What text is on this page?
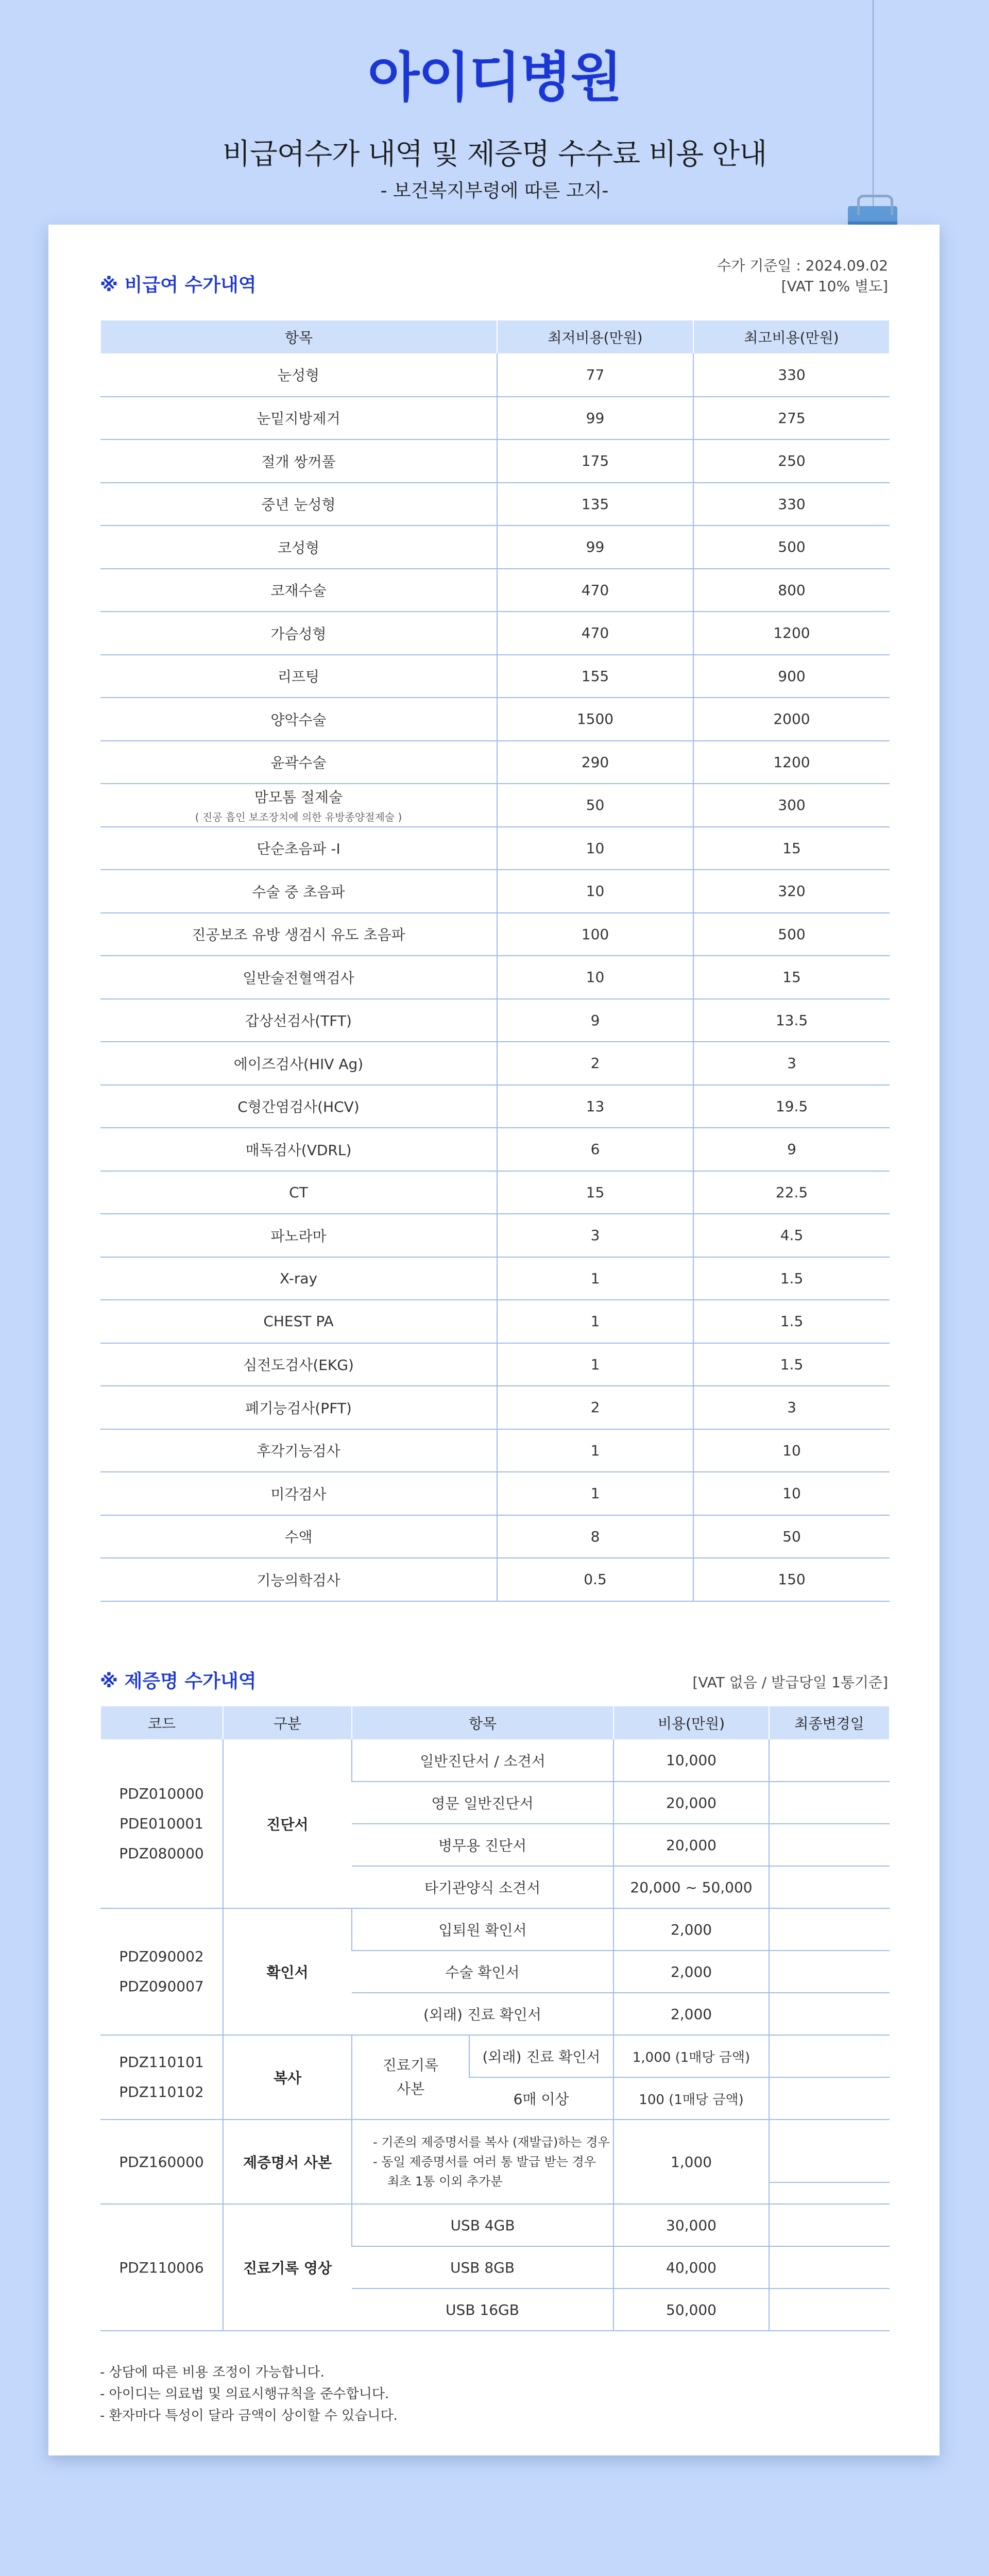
아이디병원
비급여수가 내역 및 제증명 수수료 비용 안내
- 보건복지부령에 따른 고지-
※ 비급여 수가내역
수가 기준일 : 2024.09.02
[VAT 10% 별도]
항목	최저비용(만원)	최고비용(만원)
눈성형	77	330
눈밑지방제거	99	275
절개 쌍꺼풀	175	250
중년 눈성형	135	330
코성형	99	500
코재수술	470	800
가슴성형	470	1200
리프팅	155	900
양악수술	1500	2000
윤곽수술	290	1200
맘모톰 절제술
( 진공 흡인 보조장치에 의한 유방종양절제술 )	50	300
단순초음파 -Ⅰ	10	15
수술 중 초음파	10	320
진공보조 유방 생검시 유도 초음파	100	500
일반술전혈액검사	10	15
갑상선검사(TFT)	9	13.5
에이즈검사(HIV Ag)	2	3
C형간염검사(HCV)	13	19.5
매독검사(VDRL)	6	9
CT	15	22.5
파노라마	3	4.5
X-ray	1	1.5
CHEST PA	1	1.5
심전도검사(EKG)	1	1.5
폐기능검사(PFT)	2	3
후각기능검사	1	10
미각검사	1	10
수액	8	50
기능의학검사	0.5	150
※ 제증명 수가내역	[VAT 없음 / 발급당일 1통기준]
코드	구분	항목		비용(만원)	최종변경일

PDZ010000
PDE010001
PDZ080000	진단서	일반진단서 / 소견서		10,000	
		영문 일반진단서		20,000	
		병무용 진단서		20,000	
		타기관양식 소견서		20,000 ~ 50,000	

PDZ090002
PDZ090007	확인서	입퇴원 확인서		2,000	
		수술 확인서		2,000	
		(외래) 진료 확인서		2,000	

PDZ110101
PDZ110102	복사	진료기록 사본	(외래) 진료 확인서	1,000 (1매당 금액)	
			6매 이상	100 (1매당 금액)	
PDZ160000	제증명서 사본	- 기존의 제증명서를 복사 (재발급)하는 경우
- 동일 제증명서를 여러 통 발급 받는 경우
최초 1통 이외 추가분		1,000	

PDZ110006	진료기록 영상	USB 4GB		30,000	
		USB 8GB		40,000	
		USB 16GB		50,000	
- 상담에 따른 비용 조정이 가능합니다.
- 아이디는 의료법 및 의료시행규칙을 준수합니다.
- 환자마다 특성이 달라 금액이 상이할 수 있습니다.
